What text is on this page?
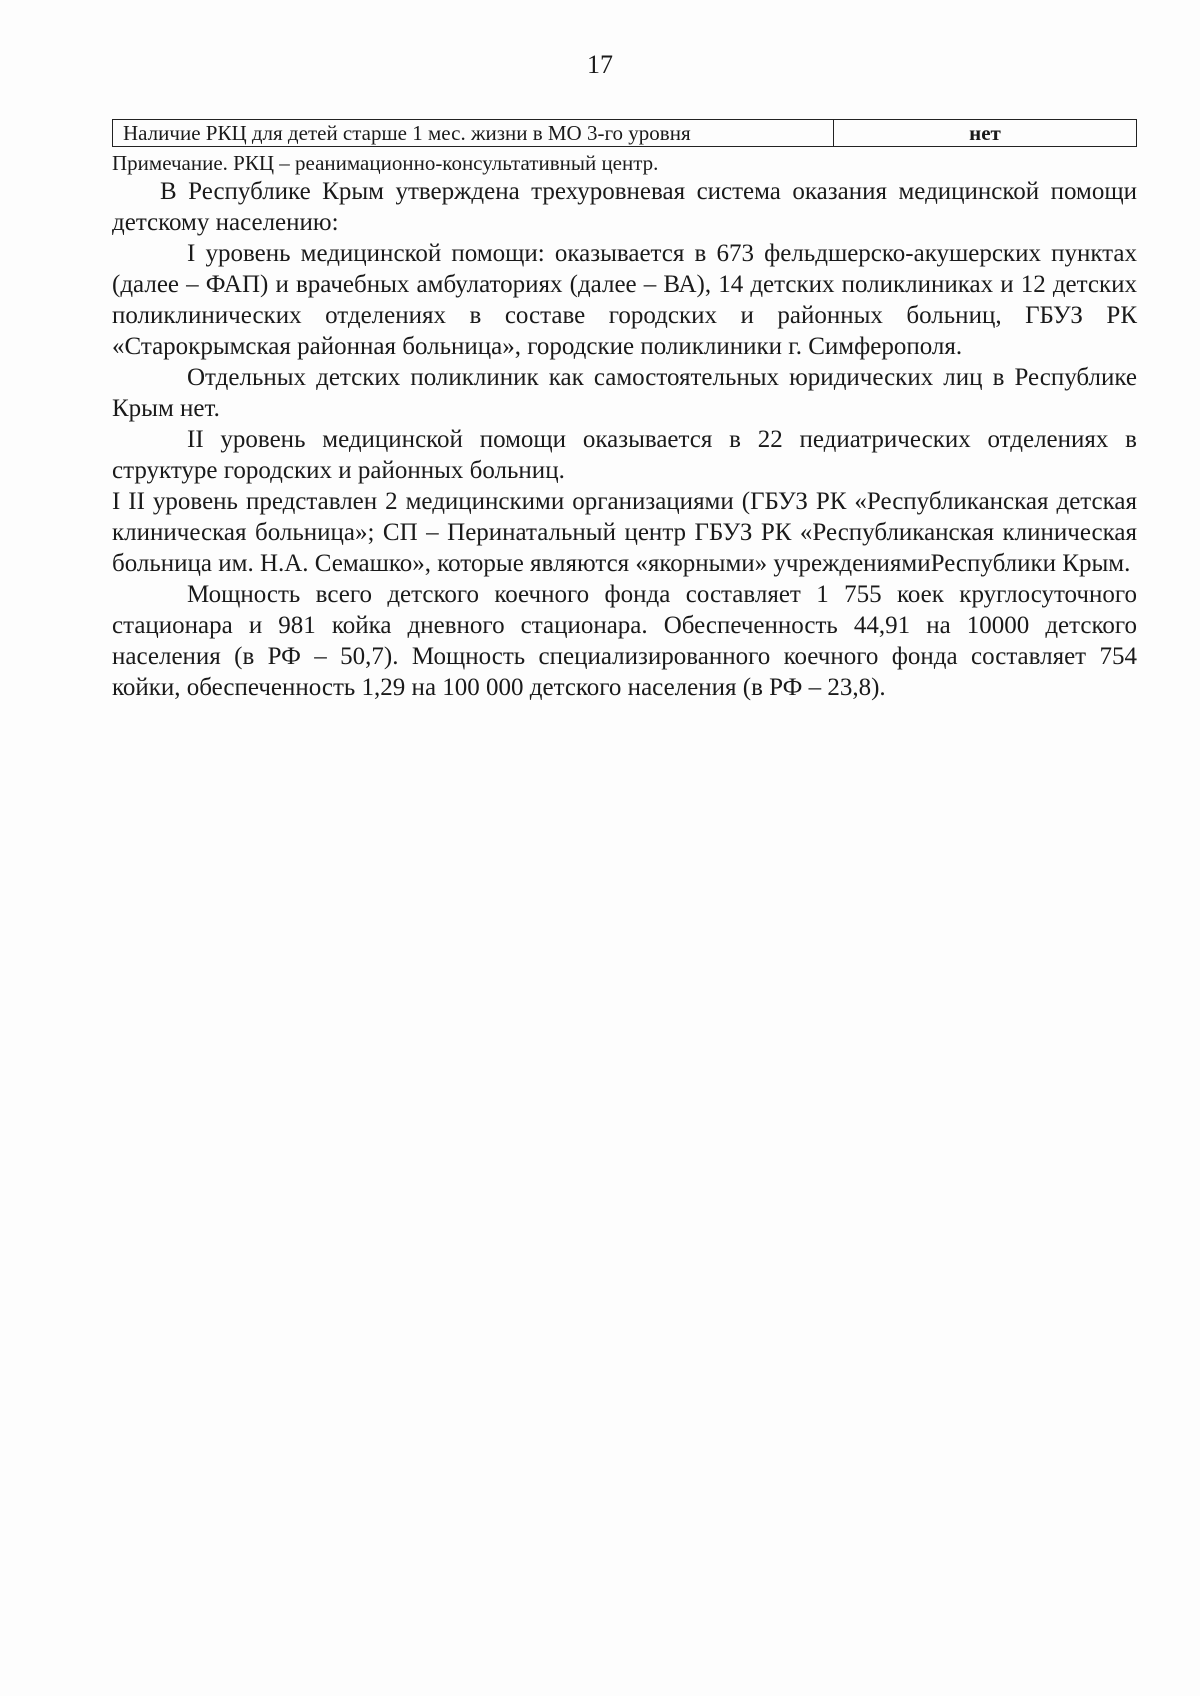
17
Наличие РКЦ для детей старше 1 мес. жизни в МО 3-го уровня	нет
Примечание. РКЦ – реанимационно-консультативный центр.

В Республике Крым утверждена трехуровневая система оказания медицинской помощи детскому населению:

I уровень медицинской помощи: оказывается в 673 фельдшерско-акушерских пунктах (далее – ФАП) и врачебных амбулаториях (далее – ВА), 14 детских поликлиниках и 12 детских поликлинических отделениях в составе городских и районных больниц, ГБУЗ РК «Старокрымская районная больница», городские поликлиники г. Симферополя.

Отдельных детских поликлиник как самостоятельных юридических лиц в Республике Крым нет.

II уровень медицинской помощи оказывается в 22 педиатрических отделениях в структуре городских и районных больниц.

I II уровень представлен 2 медицинскими организациями (ГБУЗ РК «Республиканская детская клиническая больница»; СП – Перинатальный центр ГБУЗ РК «Республиканская клиническая больница им. Н.А. Семашко», которые являются «якорными» учреждениямиРеспублики Крым.

Мощность всего детского коечного фонда составляет 1 755 коек круглосуточного стационара и 981 койка дневного стационара. Обеспеченность 44,91 на 10000 детского населения (в РФ – 50,7). Мощность специализированного коечного фонда составляет 754 койки, обеспеченность 1,29 на 100 000 детского населения (в РФ – 23,8).
